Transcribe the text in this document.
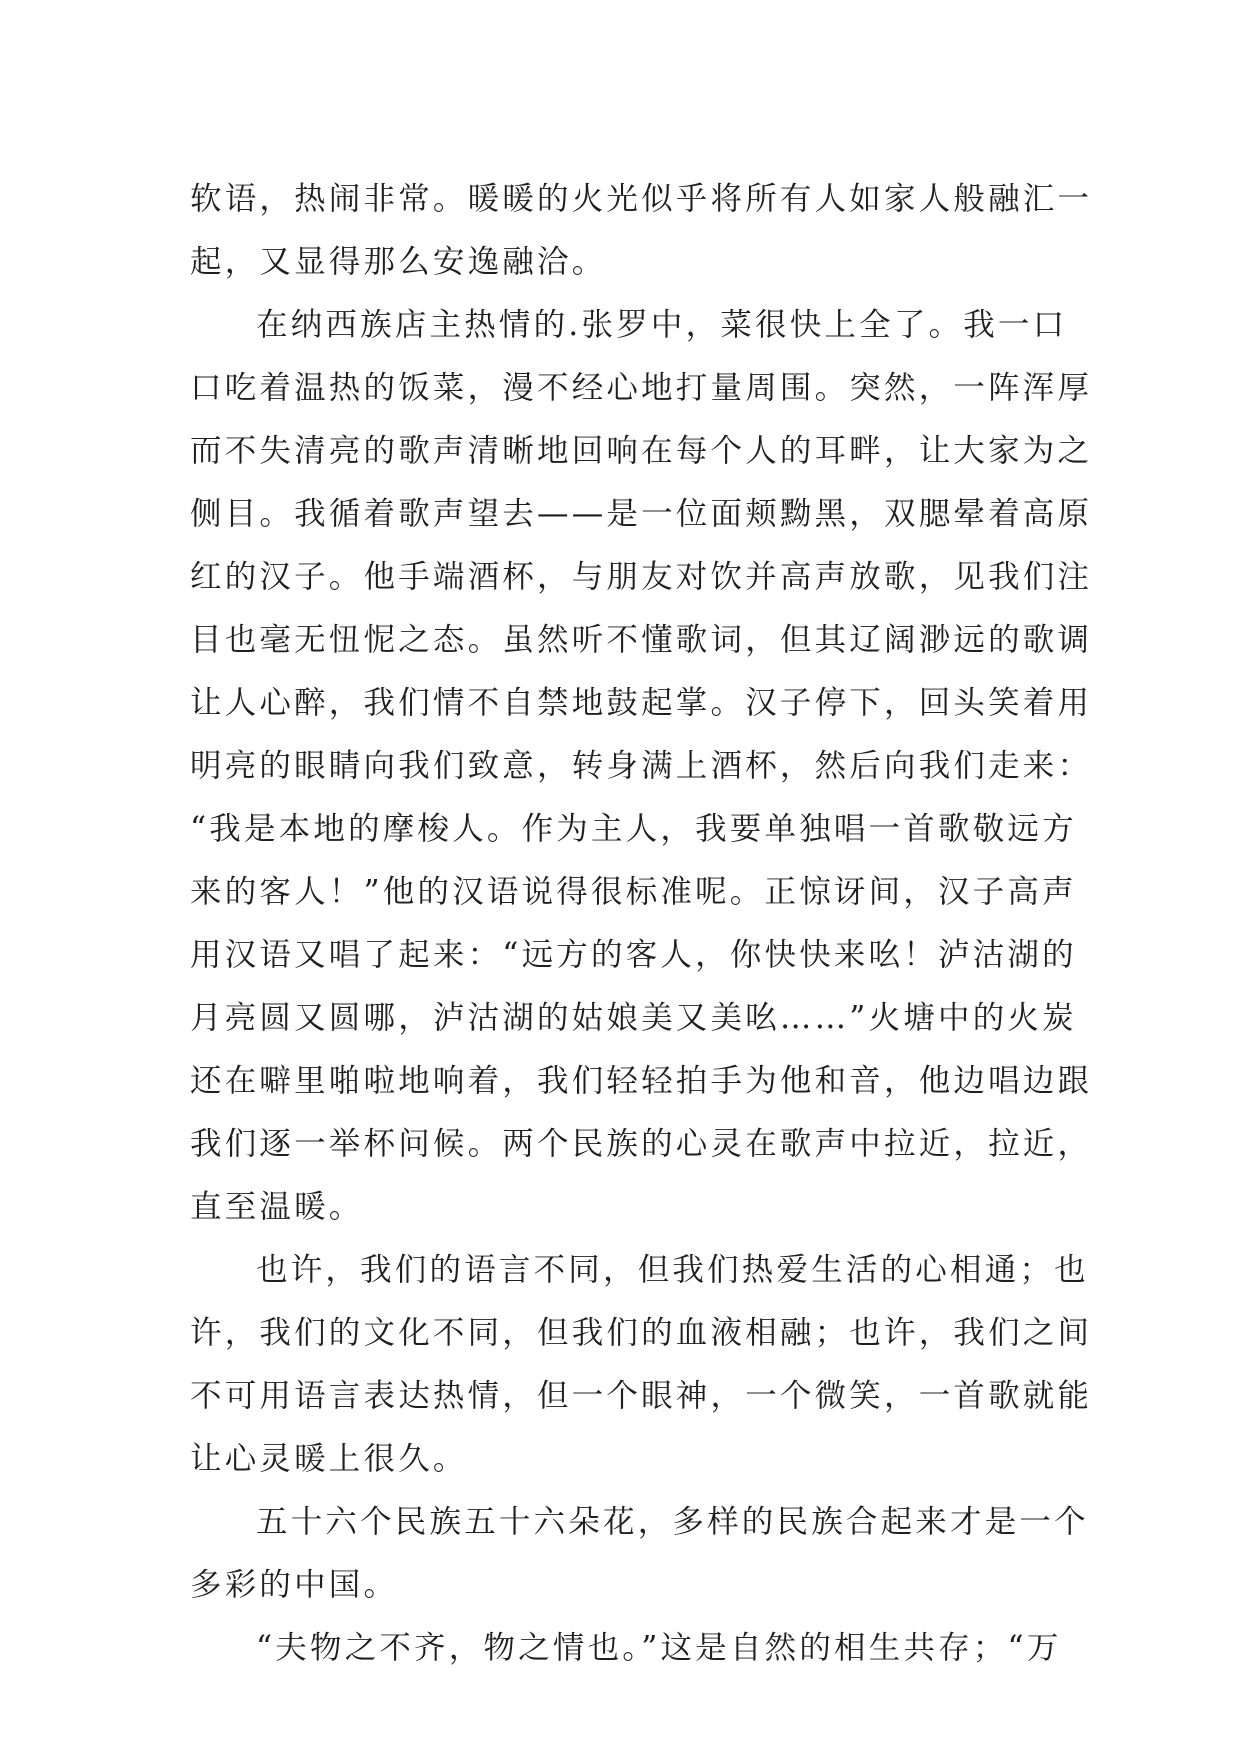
软语，热闹非常。暖暖的火光似乎将所有人如家人般融汇一
起，又显得那么安逸融洽。
在纳西族店主热情的.张罗中，菜很快上全了。我一口
口吃着温热的饭菜，漫不经心地打量周围。突然，一阵浑厚
而不失清亮的歌声清晰地回响在每个人的耳畔，让大家为之
侧目。我循着歌声望去——是一位面颊黝黑，双腮晕着高原
红的汉子。他手端酒杯，与朋友对饮并高声放歌，见我们注
目也毫无忸怩之态。虽然听不懂歌词，但其辽阔渺远的歌调
让人心醉，我们情不自禁地鼓起掌。汉子停下，回头笑着用
明亮的眼睛向我们致意，转身满上酒杯，然后向我们走来：
“我是本地的摩梭人。作为主人，我要单独唱一首歌敬远方
来的客人！”他的汉语说得很标准呢。正惊讶间，汉子高声
用汉语又唱了起来：“远方的客人，你快快来吆！泸沽湖的
月亮圆又圆哪，泸沽湖的姑娘美又美吆……”火塘中的火炭
还在噼里啪啦地响着，我们轻轻拍手为他和音，他边唱边跟
我们逐一举杯问候。两个民族的心灵在歌声中拉近，拉近，
直至温暖。
也许，我们的语言不同，但我们热爱生活的心相通；也
许，我们的文化不同，但我们的血液相融；也许，我们之间
不可用语言表达热情，但一个眼神，一个微笑，一首歌就能
让心灵暖上很久。
五十六个民族五十六朵花，多样的民族合起来才是一个
多彩的中国。
“夫物之不齐，物之情也。”这是自然的相生共存；“万
